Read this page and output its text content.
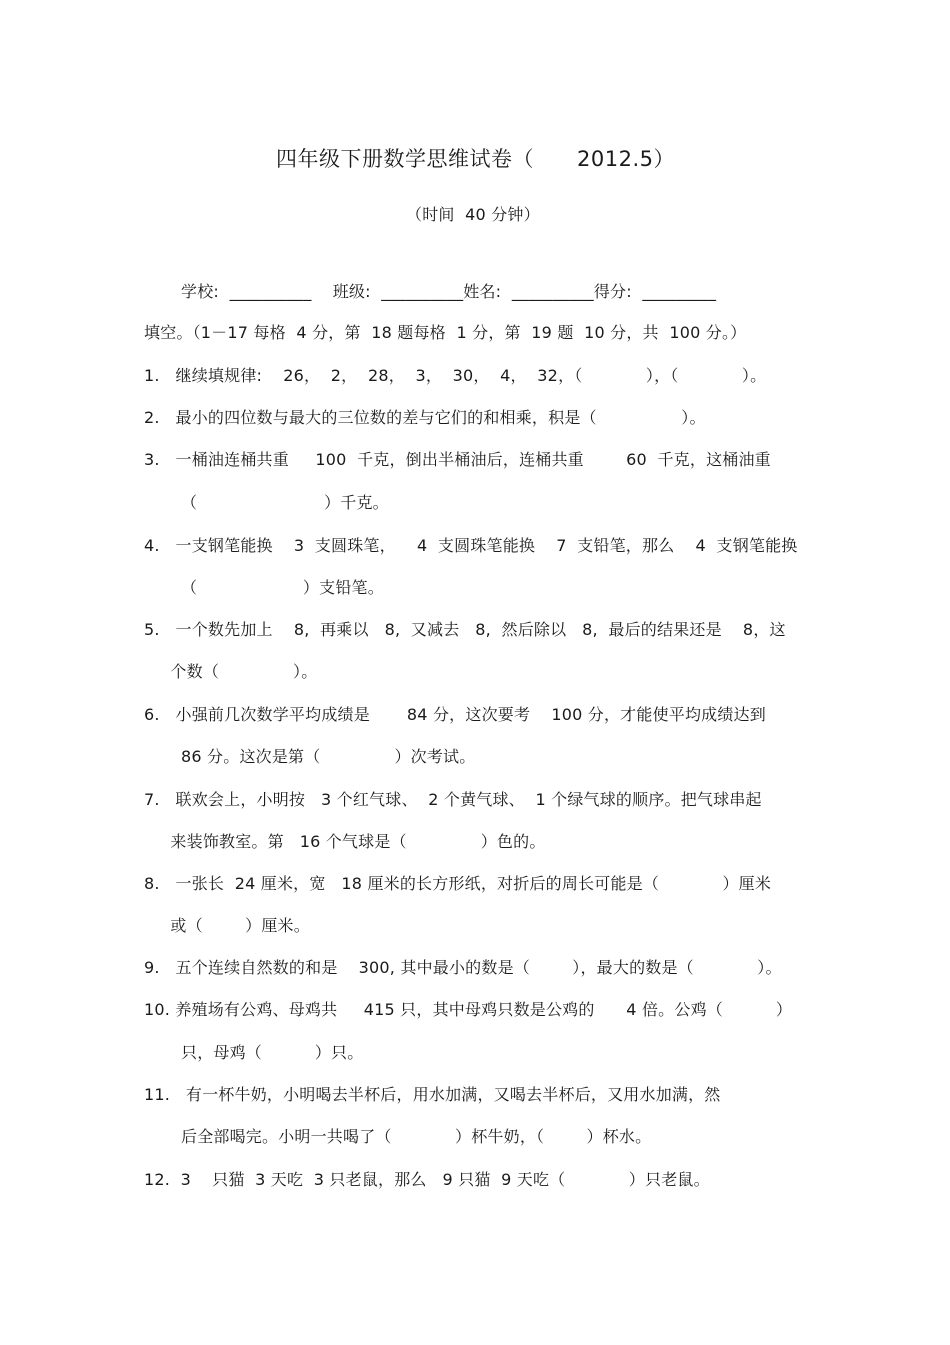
四年级下册数学思维试卷（      2012.5）
（时间  40 分钟）
学校:  __________    班级:  __________姓名:  __________得分:  _________
填空。（1－17 每格  4 分，第  18 题每格  1 分，第  19 题  10 分，共  100 分。）
1.   继续填规律:    26，  2，  28，  3，  30，  4，  32，（            ），（            ）。
2.   最小的四位数与最大的三位数的差与它们的和相乘，积是（                ）。
3.   一桶油连桶共重     100  千克，倒出半桶油后，连桶共重        60  千克，这桶油重
（                        ）千克。
4.   一支钢笔能换    3  支圆珠笔，    4  支圆珠笔能换    7  支铅笔，那么    4  支钢笔能换
（                    ）支铅笔。
5.   一个数先加上    8,  再乘以   8,  又减去   8,  然后除以   8,  最后的结果还是    8，这
个数（              ）。
6.   小强前几次数学平均成绩是       84 分，这次要考    100 分，才能使平均成绩达到
86 分。这次是第（              ）次考试。
7.   联欢会上，小明按   3 个红气球、  2 个黄气球、  1 个绿气球的顺序。把气球串起
来装饰教室。第   16 个气球是（              ）色的。
8.   一张长  24 厘米，宽   18 厘米的长方形纸，对折后的周长可能是（            ）厘米
或（        ）厘米。
9.   五个连续自然数的和是    300, 其中最小的数是（        ），最大的数是（            ）。
10. 养殖场有公鸡、母鸡共     415 只，其中母鸡只数是公鸡的      4 倍。公鸡（          ）
只，母鸡（          ）只。
11.   有一杯牛奶，小明喝去半杯后，用水加满，又喝去半杯后，又用水加满，然
后全部喝完。小明一共喝了（            ）杯牛奶，（        ）杯水。
12.  3    只猫  3 天吃  3 只老鼠，那么   9 只猫  9 天吃（            ）只老鼠。
